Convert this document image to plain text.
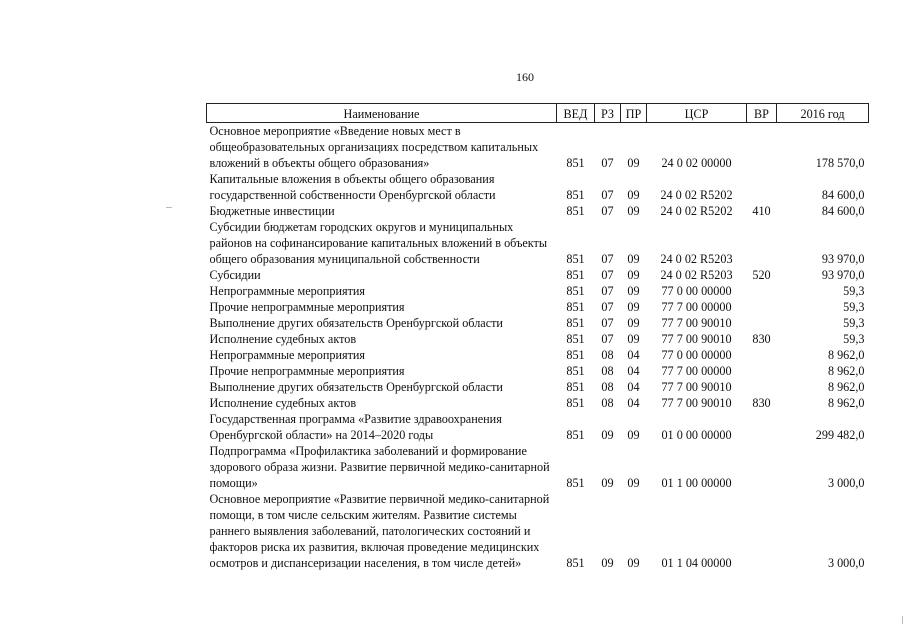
160
Наименование	ВЕД	РЗ	ПР	ЦСР	ВР	2016 год
Основное мероприятие «Введение новых мест в общеобразовательных организациях посредством капитальных вложений в объекты общего образования»	851	07	09	24 0 02 00000		178 570,0
Капитальные вложения в объекты общего образования государственной собственности Оренбургской области	851	07	09	24 0 02 R5202		84 600,0
Бюджетные инвестиции	851	07	09	24 0 02 R5202	410	84 600,0
Субсидии бюджетам городских округов и муниципальных районов на софинансирование капитальных вложений в объекты общего образования муниципальной собственности	851	07	09	24 0 02 R5203		93 970,0
Субсидии	851	07	09	24 0 02 R5203	520	93 970,0
Непрограммные мероприятия	851	07	09	77 0 00 00000		59,3
Прочие непрограммные мероприятия	851	07	09	77 7 00 00000		59,3
Выполнение других обязательств Оренбургской области	851	07	09	77 7 00 90010		59,3
Исполнение судебных актов	851	07	09	77 7 00 90010	830	59,3
Непрограммные мероприятия	851	08	04	77 0 00 00000		8 962,0
Прочие непрограммные мероприятия	851	08	04	77 7 00 00000		8 962,0
Выполнение других обязательств Оренбургской области	851	08	04	77 7 00 90010		8 962,0
Исполнение судебных актов	851	08	04	77 7 00 90010	830	8 962,0
Государственная программа «Развитие здравоохранения Оренбургской области» на 2014–2020 годы	851	09	09	01 0 00 00000		299 482,0
Подпрограмма «Профилактика заболеваний и формирование здорового образа жизни. Развитие первичной медико-санитарной помощи»	851	09	09	01 1 00 00000		3 000,0
Основное мероприятие «Развитие первичной медико-санитарной помощи, в том числе сельским жителям. Развитие системы раннего выявления заболеваний, патологических состояний и факторов риска их развития, включая проведение медицинских осмотров и диспансеризации населения, в том числе детей»	851	09	09	01 1 04 00000		3 000,0
